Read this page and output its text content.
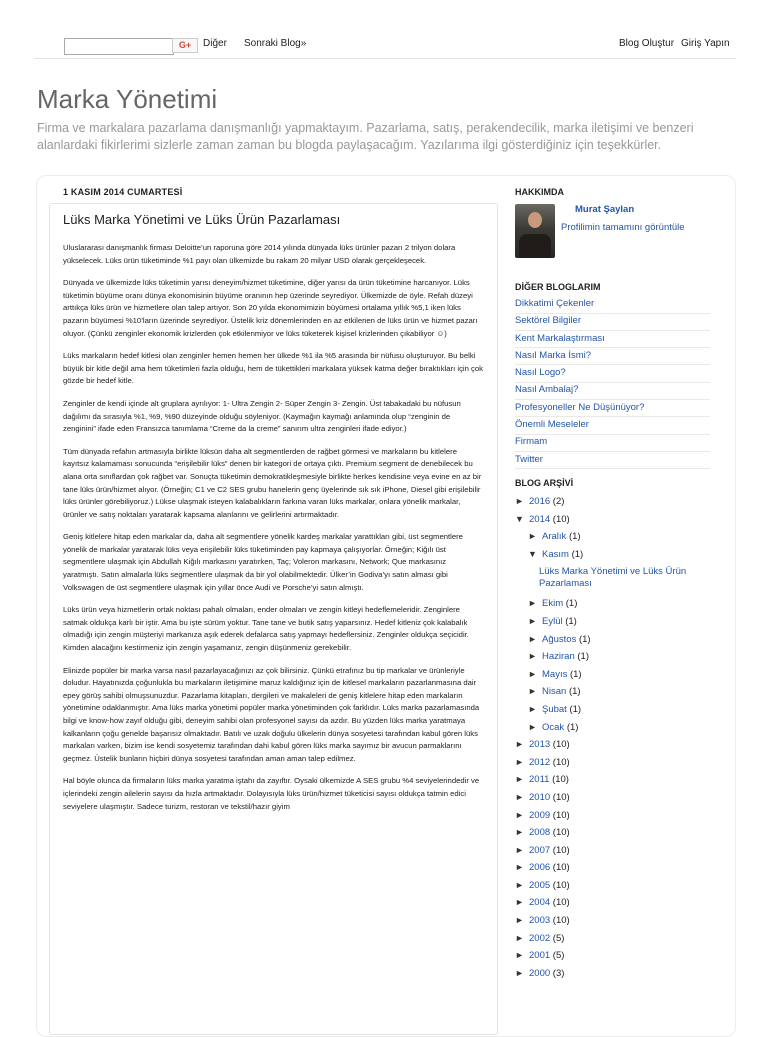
G+	Diğer Sonraki Blog»	Blog Oluştur Giriş Yapın
Marka Yönetimi

Firma ve markalara pazarlama danışmanlığı yapmaktayım. Pazarlama, satış, perakendecilik, marka iletişimi ve benzeri alanlardaki fikirlerimi sizlerle zaman zaman bu blogda paylaşacağım. Yazılarıma ilgi gösterdiğiniz için teşekkürler.

1 KASIM 2014 CUMARTESİ
Lüks Marka Yönetimi ve Lüks Ürün Pazarlaması

Uluslararası danışmanlık firması Deloitte’un raporuna göre 2014 yılında dünyada lüks ürünler pazarı 2 trilyon dolara yükselecek. Lüks ürün tüketiminde %1 payı olan ülkemizde bu rakam 20 milyar USD olarak gerçekleşecek.

Dünyada ve ülkemizde lüks tüketimin yarısı deneyim/hizmet tüketimine, diğer yarısı da ürün tüketimine harcanıyor. Lüks tüketimin büyüme oranı dünya ekonomisinin büyüme oranının hep üzerinde seyrediyor. Ülkemizde de öyle. Refah düzeyi arttıkça lüks ürün ve hizmetlere olan talep artıyor. Son 20 yılda ekonomimizin büyümesi ortalama yıllık %5,1 iken lüks pazarın büyümesi %10’ların üzerinde seyrediyor. Üstelik kriz dönemlerinden en az etkilenen de lüks ürün ve hizmet pazarı oluyor. (Çünkü zenginler ekonomik krizlerden çok etkilenmiyor ve lüks tüketerek kişisel krizlerinden çıkabiliyor ☺)

Lüks markaların hedef kitlesi olan zenginler hemen hemen her ülkede %1 ila %5 arasında bir nüfusu oluşturuyor. Bu belki büyük bir kitle değil ama hem tüketimleri fazla olduğu, hem de tükettikleri markalara yüksek katma değer bıraktıkları için çok gözde bir hedef kitle.

Zenginler de kendi içinde alt gruplara ayrılıyor: 1- Ultra Zengin 2- Süper Zengin 3- Zengin. Üst tabakadaki bu nüfusun dağılımı da sırasıyla %1, %9, %90 düzeyinde olduğu söyleniyor. (Kaymağın kaymağı anlamında olup “zenginin de zenginini” ifade eden Fransızca tanımlama “Creme da la creme” sanırım ultra zenginleri ifade ediyor.)

Tüm dünyada refahın artmasıyla birlikte lüksün daha alt segmentlerden de rağbet görmesi ve markaların bu kitlelere kayıtsız kalamaması sonucunda “erişilebilir lüks” denen bir kategori de ortaya çıktı. Premium segment de denebilecek bu alana orta sınıflardan çok rağbet var. Sonuçta tüketimin demokratikleşmesiyle birlikte herkes kendisine veya evine en az bir tane lüks ürün/hizmet alıyor. (Örneğin; C1 ve C2 SES grubu hanelerin genç üyelerinde sık sık iPhone, Diesel gibi erişilebilir lüks ürünler görebiliyoruz.) Lükse ulaşmak isteyen kalabalıkların farkına varan lüks markalar, onlara yönelik markalar, ürünler ve satış noktaları yaratarak kapsama alanlarını ve gelirlerini artırmaktadır.

Geniş kitlelere hitap eden markalar da, daha alt segmentlere yönelik kardeş markalar yarattıkları gibi, üst segmentlere yönelik de markalar yaratarak lüks veya erişilebilir lüks tüketiminden pay kapmaya çalışıyorlar. Örneğin; Kiğılı üst segmentlere ulaşmak için Abdullah Kiğılı markasını yaratırken, Taç; Voleron markasını, Network; Que markasınız yaratmıştı. Satın almalarla lüks segmentlere ulaşmak da bir yol olabilmektedir. Ülker’in Godiva’yı satın alması gibi Volkswagen de üst segmentlere ulaşmak için yıllar önce Audi ve Porsche’yi satın almıştı.

Lüks ürün veya hizmetlerin ortak noktası pahalı olmaları, ender olmaları ve zengin kitleyi hedeflemeleridir. Zenginlere satmak oldukça karlı bir iştir. Ama bu işte sürüm yoktur. Tane tane ve butik satış yaparsınız. Hedef kitleniz çok kalabalık olmadığı için zengin müşteriyi markanıza aşık ederek defalarca satış yapmayı hedeflersiniz. Zenginler oldukça seçicidir. Kimden alacağını kestirmeniz için zengin yaşamanız, zengin düşünmeniz gerekebilir.

Elinizde popüler bir marka varsa nasıl pazarlayacağınızı az çok bilirsiniz. Çünkü etrafınız bu tip markalar ve ürünleriyle doludur. Hayatınızda çoğunlukla bu markaların iletişimine maruz kaldığınız için de kitlesel markaların pazarlanmasına dair epey görüş sahibi olmuşsunuzdur. Pazarlama kitapları, dergileri ve makaleleri de geniş kitlelere hitap eden markaların yönetimine odaklanmıştır. Ama lüks marka yönetimi popüler marka yönetiminden çok farklıdır. Lüks marka pazarlamasında bilgi ve know-how zayıf olduğu gibi, deneyim sahibi olan profesyonel sayısı da azdır. Bu yüzden lüks marka yaratmaya kalkanların çoğu genelde başarısız olmaktadır. Batılı ve uzak doğulu ülkelerin dünya sosyetesi tarafından kabul gören lüks markaları varken, bizim ise kendi sosyetemiz tarafından dahi kabul gören lüks marka sayımız bir avucun parmaklarını geçmez. Üstelik bunların hiçbiri dünya sosyetesi tarafından aman aman talep edilmez.

Hal böyle olunca da firmaların lüks marka yaratma iştahı da zayıftır. Oysaki ülkemizde A SES grubu %4 seviyelerindedir ve içlerindeki zengin ailelerin sayısı da hızla artmaktadır. Dolayısıyla lüks ürün/hizmet tüketicisi sayısı oldukça tatmin edici seviyelere ulaşmıştır. Sadece turizm, restoran ve tekstil/hazır giyim

HAKKIMDA
Murat Şaylan
Profilimin tamamını görüntüle
DİĞER BLOGLARIM
Dikkatimi Çekenler
Sektörel Bilgiler
Kent Markalaştırması
Nasıl Marka İsmi?
Nasıl Logo?
Nasıl Ambalaj?
Profesyoneller Ne Düşünüyor?
Önemli Meseleler
Firmam
Twitter
BLOG ARŞİVİ
► 2016 (2)
▼ 2014 (10)
► Aralık (1)
▼ Kasım (1)
Lüks Marka Yönetimi ve Lüks Ürün Pazarlaması
► Ekim (1)
► Eylül (1)
► Ağustos (1)
► Haziran (1)
► Mayıs (1)
► Nisan (1)
► Şubat (1)
► Ocak (1)
► 2013 (10)
► 2012 (10)
► 2011 (10)
► 2010 (10)
► 2009 (10)
► 2008 (10)
► 2007 (10)
► 2006 (10)
► 2005 (10)
► 2004 (10)
► 2003 (10)
► 2002 (5)
► 2001 (5)
► 2000 (3)
